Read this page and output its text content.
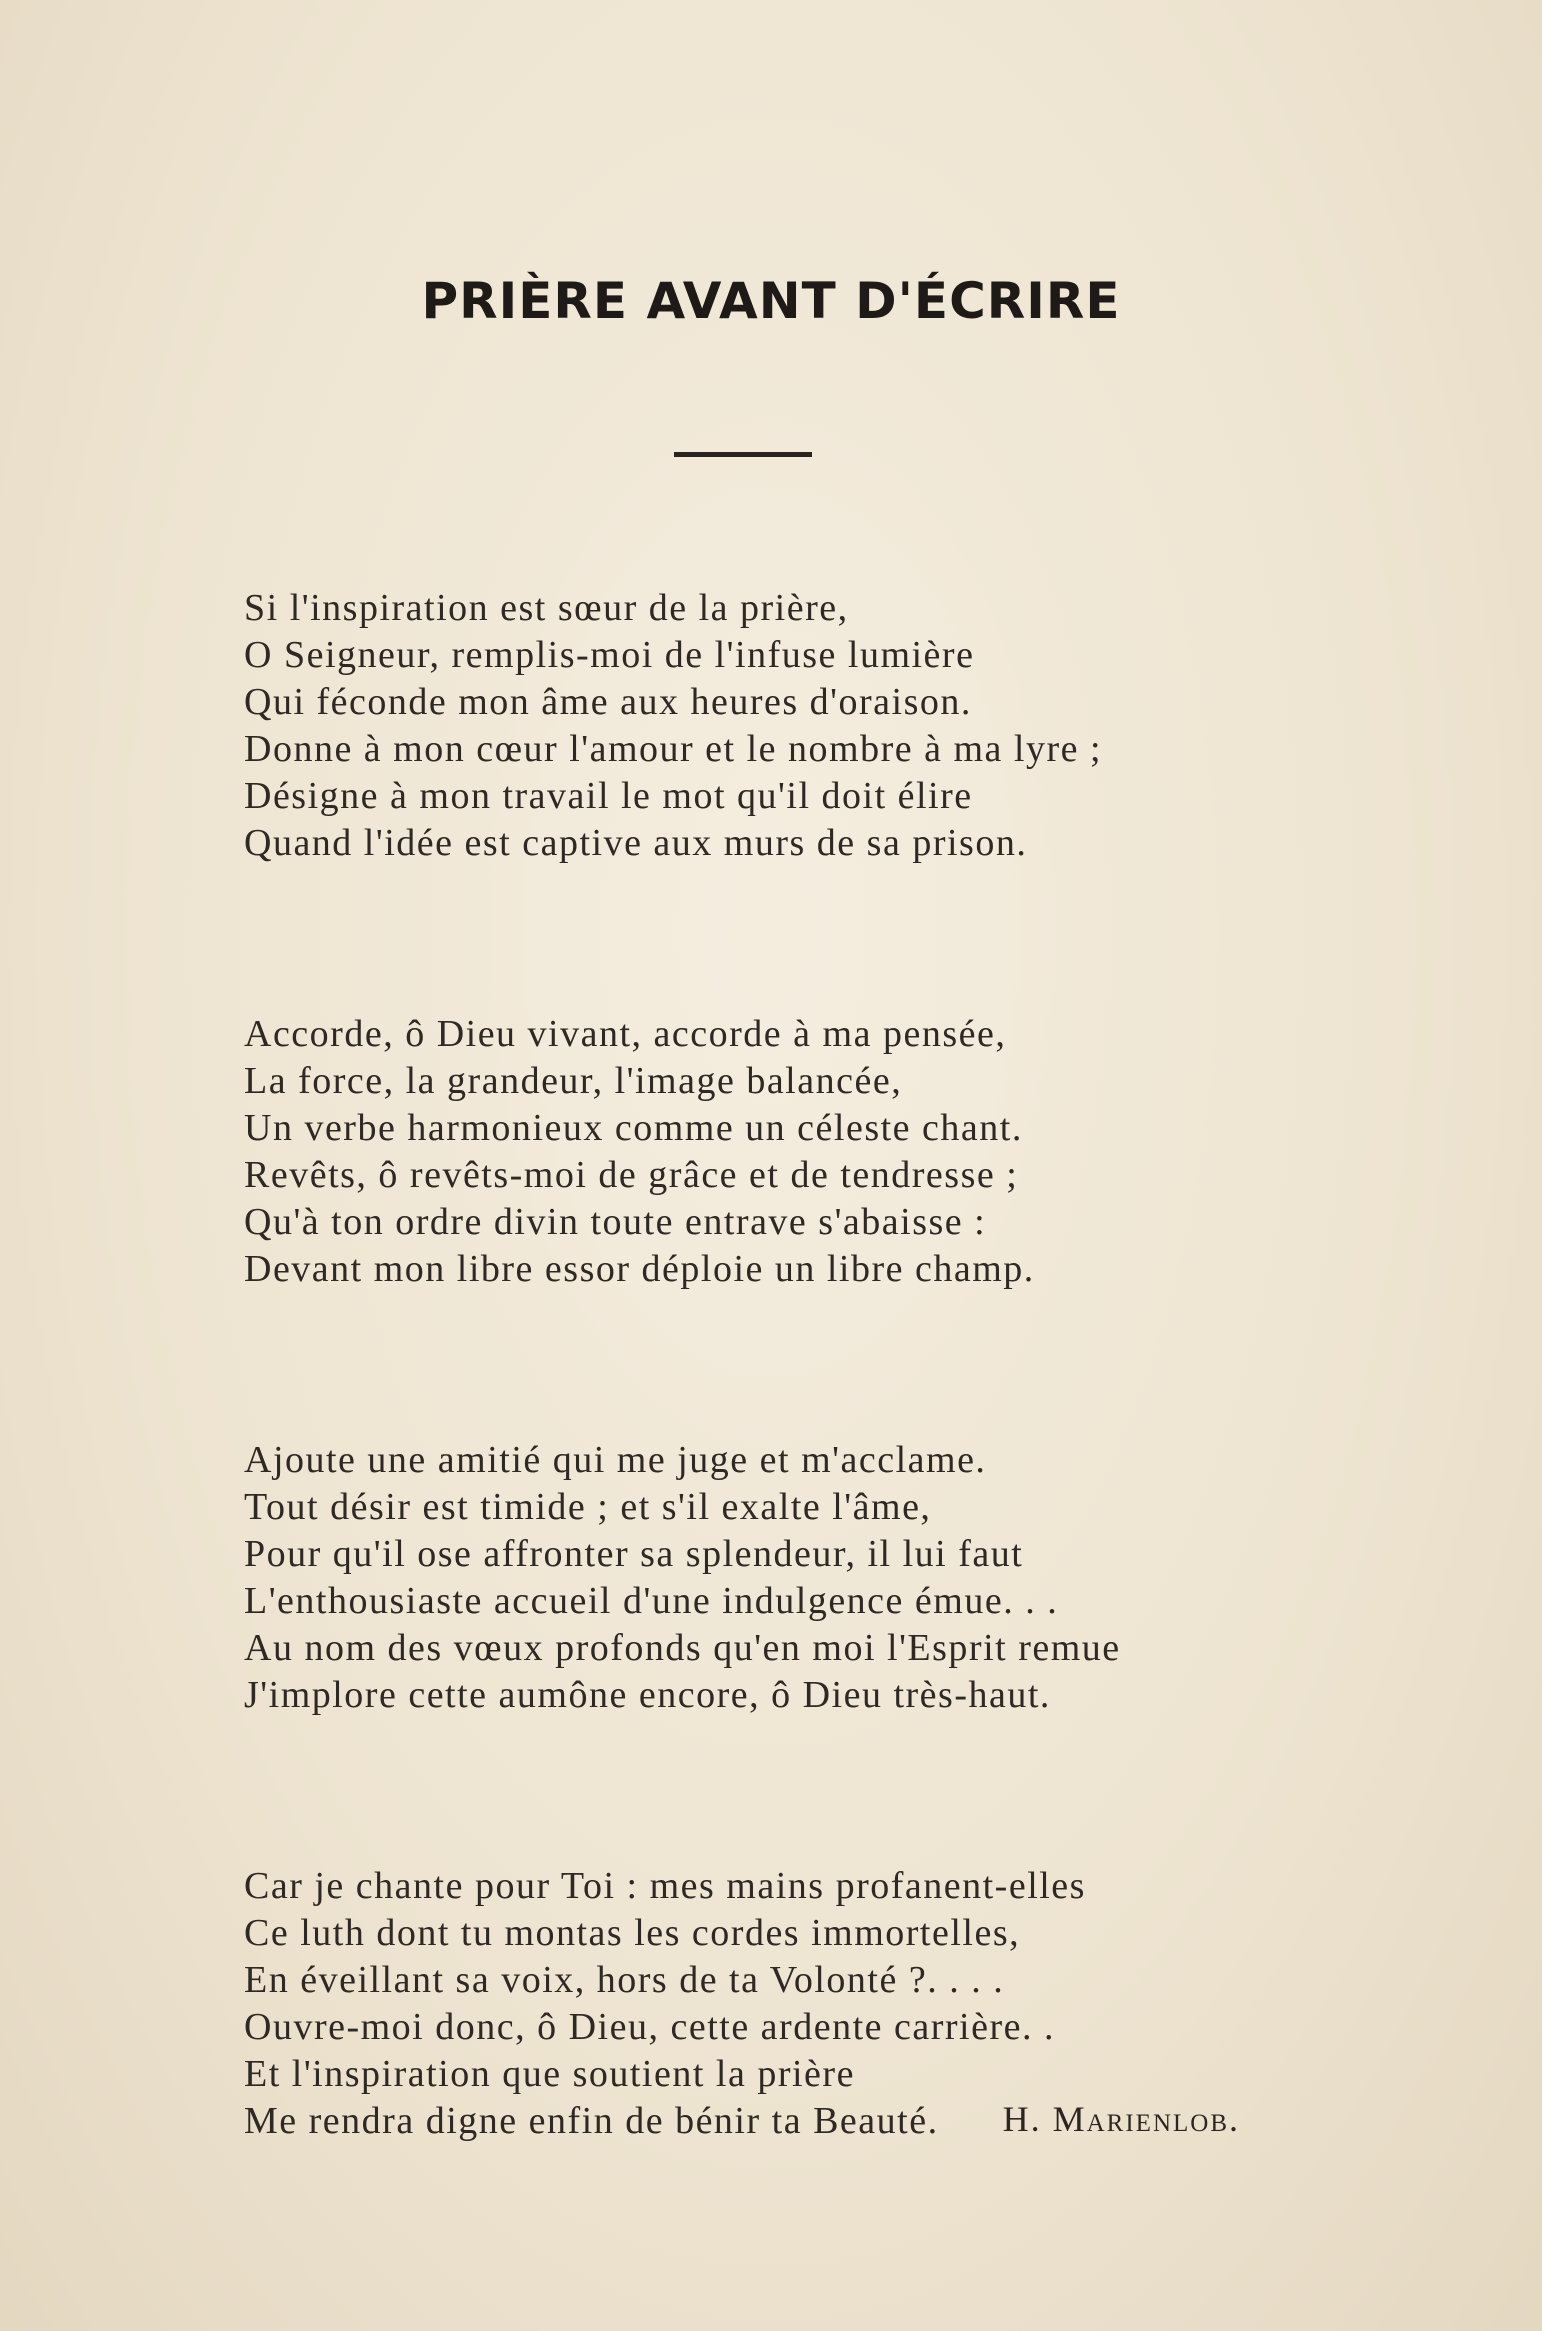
PRIÈRE AVANT D'ÉCRIRE
Si l'inspiration est sœur de la prière,
O Seigneur, remplis-moi de l'infuse lumière
Qui féconde mon âme aux heures d'oraison.
Donne à mon cœur l'amour et le nombre à ma lyre ;
Désigne à mon travail le mot qu'il doit élire
Quand l'idée est captive aux murs de sa prison.
Accorde, ô Dieu vivant, accorde à ma pensée,
La force, la grandeur, l'image balancée,
Un verbe harmonieux comme un céleste chant.
Revêts, ô revêts-moi de grâce et de tendresse ;
Qu'à ton ordre divin toute entrave s'abaisse :
Devant mon libre essor déploie un libre champ.
Ajoute une amitié qui me juge et m'acclame.
Tout désir est timide ; et s'il exalte l'âme,
Pour qu'il ose affronter sa splendeur, il lui faut
L'enthousiaste accueil d'une indulgence émue. . .
Au nom des vœux profonds qu'en moi l'Esprit remue
J'implore cette aumône encore, ô Dieu très-haut.
Car je chante pour Toi : mes mains profanent-elles
Ce luth dont tu montas les cordes immortelles,
En éveillant sa voix, hors de ta Volonté ?. . . .
Ouvre-moi donc, ô Dieu, cette ardente carrière. .
Et l'inspiration que soutient la prière
Me rendra digne enfin de bénir ta Beauté.	H. Marienlob.
